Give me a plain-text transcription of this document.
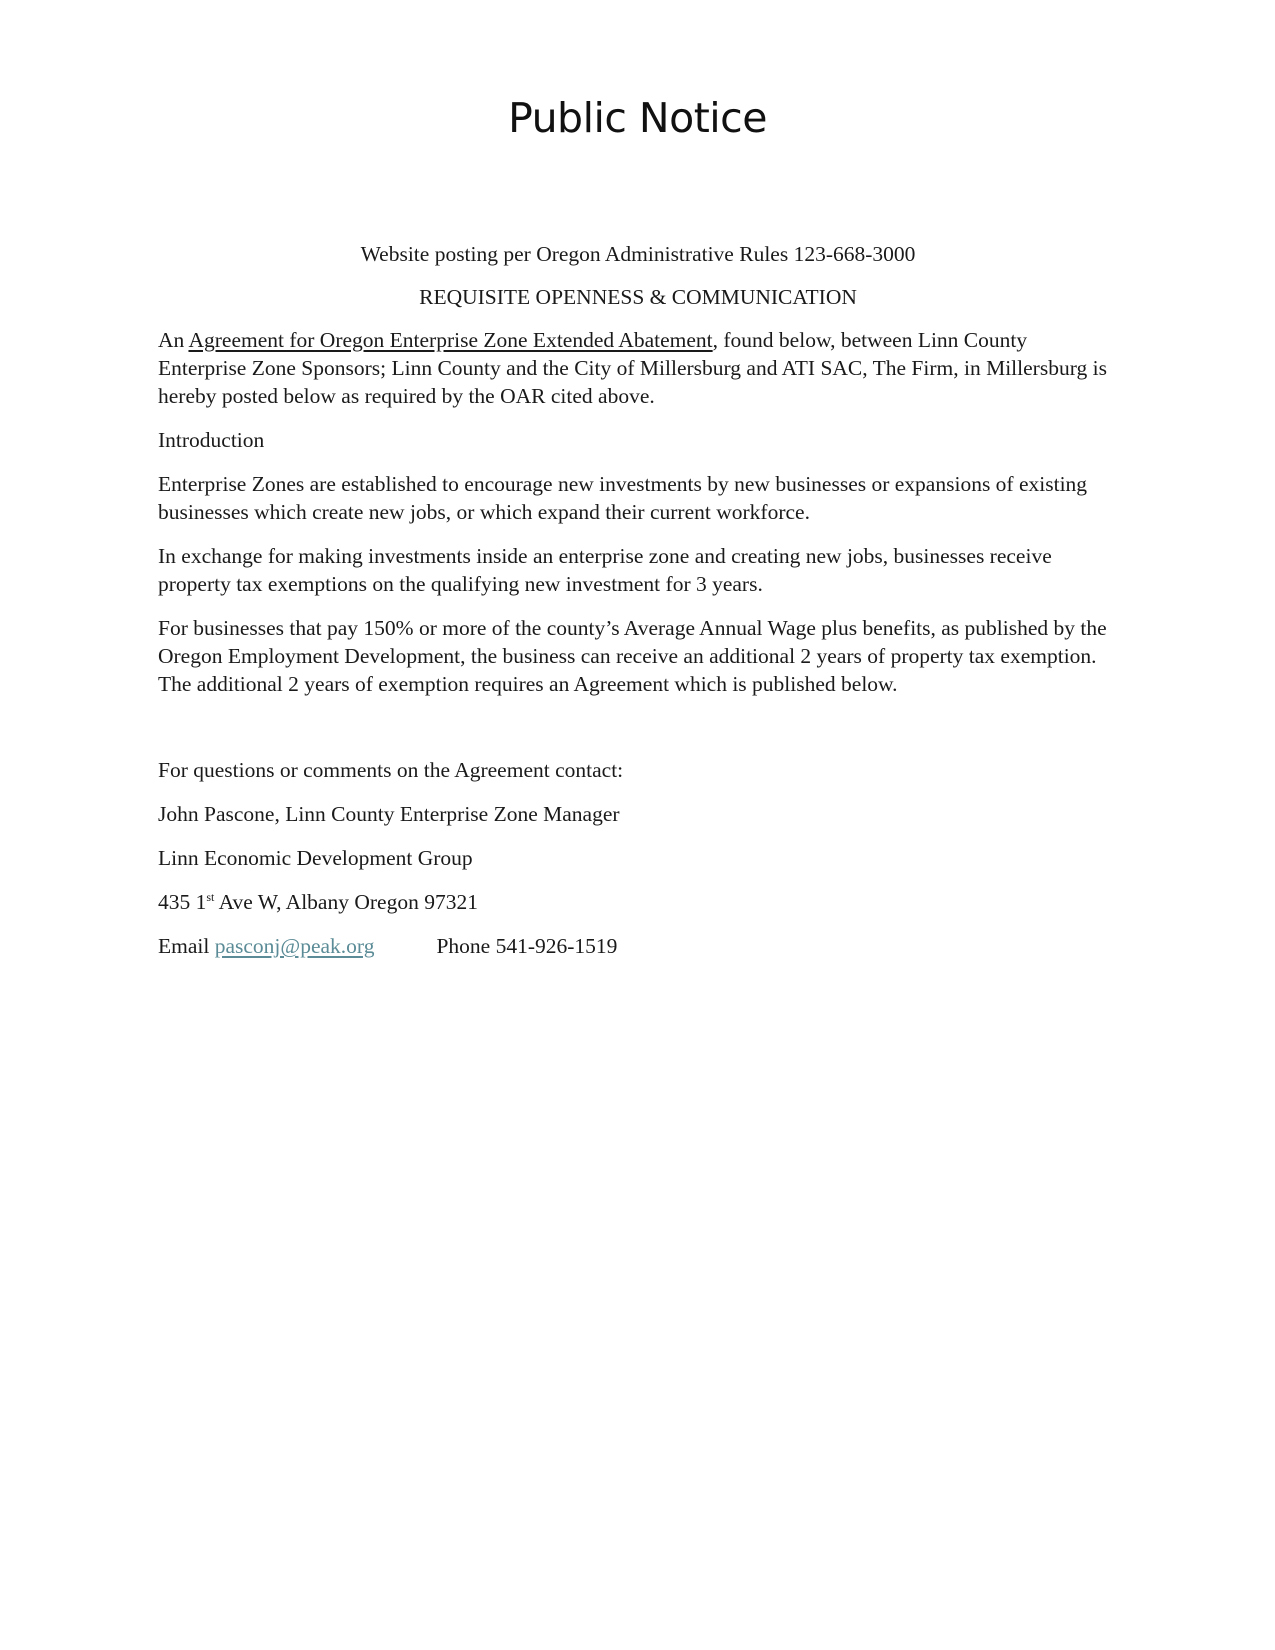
Public Notice
Website posting per Oregon Administrative Rules 123-668-3000
REQUISITE OPENNESS & COMMUNICATION

An Agreement for Oregon Enterprise Zone Extended Abatement, found below, between Linn County Enterprise Zone Sponsors; Linn County and the City of Millersburg and ATI SAC, The Firm, in Millersburg is hereby posted below as required by the OAR cited above.

Introduction

Enterprise Zones are established to encourage new investments by new businesses or expansions of existing businesses which create new jobs, or which expand their current workforce.

In exchange for making investments inside an enterprise zone and creating new jobs, businesses receive property tax exemptions on the qualifying new investment for 3 years.

For businesses that pay 150% or more of the county’s Average Annual Wage plus benefits, as published by the Oregon Employment Development, the business can receive an additional 2 years of property tax exemption. The additional 2 years of exemption requires an Agreement which is published below.

For questions or comments on the Agreement contact:

John Pascone, Linn County Enterprise Zone Manager

Linn Economic Development Group

435 1st Ave W, Albany Oregon 97321

Email pasconj@peak.org	Phone 541-926-1519
